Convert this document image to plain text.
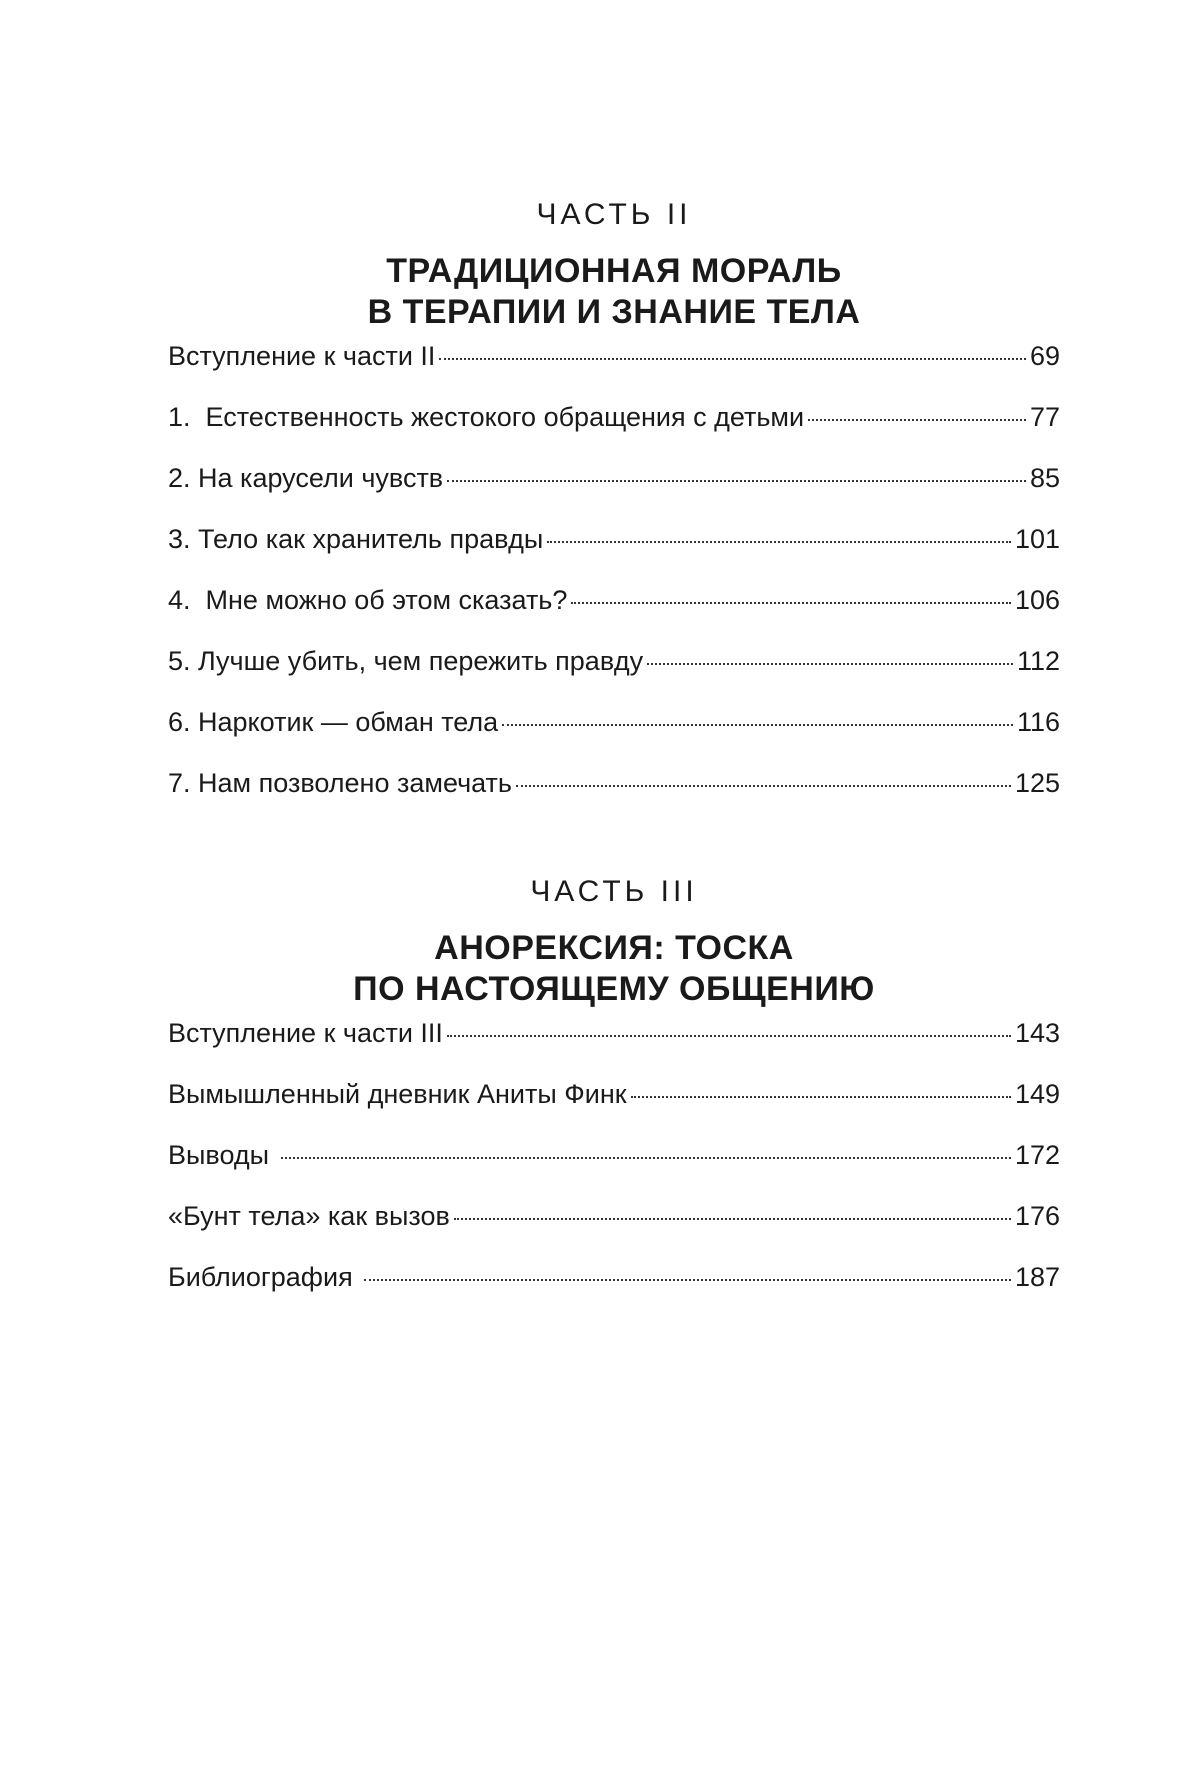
ЧАСТЬ II
ТРАДИЦИОННАЯ МОРАЛЬ
В ТЕРАПИИ И ЗНАНИЕ ТЕЛА
Вступление к части II	69
1. Естественность жестокого обращения с детьми	77
2. На карусели чувств	85
3. Тело как хранитель правды	101
4. Мне можно об этом сказать?	106
5. Лучше убить, чем пережить правду	112
6. Наркотик — обман тела	116
7. Нам позволено замечать	125
ЧАСТЬ III
АНОРЕКСИЯ: ТОСКА
ПО НАСТОЯЩЕМУ ОБЩЕНИЮ
Вступление к части III	143
Вымышленный дневник Аниты Финк	149
Выводы	172
«Бунт тела» как вызов	176
Библиография	187
